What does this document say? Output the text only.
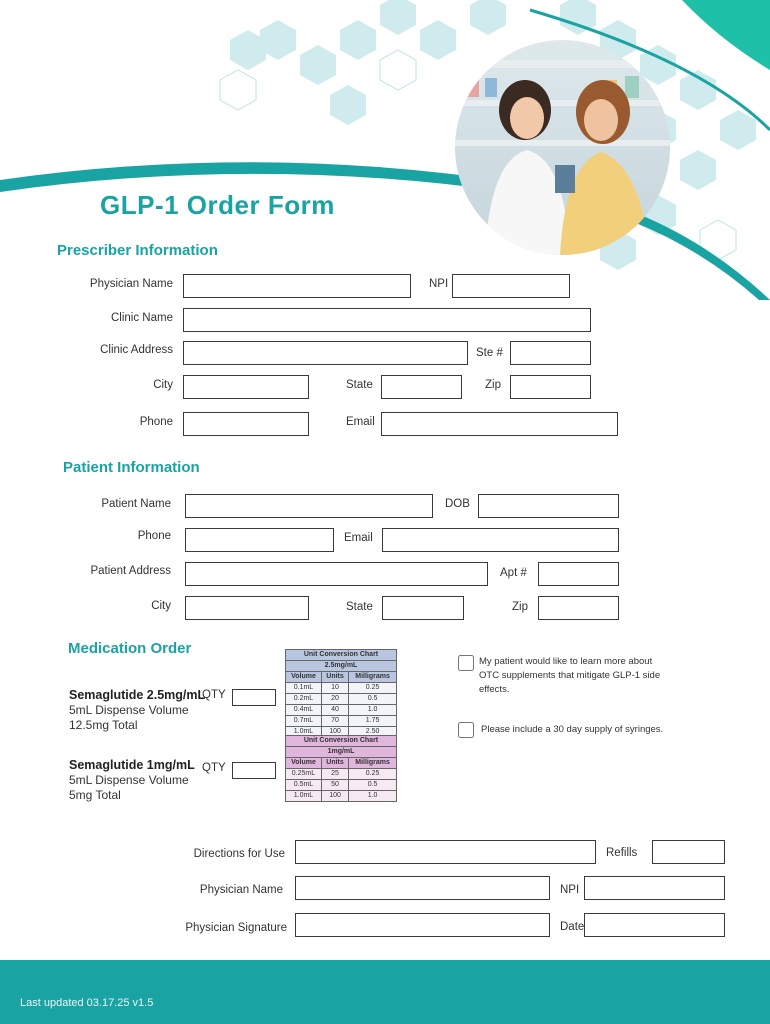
GLP-1 Order Form
Prescriber Information
Physician Name	NPI
Clinic Name
Clinic Address	Ste #
City	State	Zip
Phone	Email
Patient Information
Patient Name	DOB
Phone	Email
Patient Address	Apt #
City	State	Zip
Medication Order
Semaglutide 2.5mg/mL
5mL Dispense Volume
12.5mg Total
QTY
Semaglutide 1mg/mL
5mL Dispense Volume
5mg Total
QTY
Unit Conversion Chart		
2.5mg/mL		
Volume	Units	Milligrams
0.1mL	10	0.25
0.2mL	20	0.5
0.4mL	40	1.0
0.7mL	70	1.75
1.0mL	100	2.50
Unit Conversion Chart		
1mg/mL		
Volume	Units	Milligrams
0.25mL	25	0.25
0.5mL	50	0.5
1.0mL	100	1.0
My patient would like to learn more about OTC supplements that mitigate GLP-1 side effects.
Please include a 30 day supply of syringes.
Directions for Use	Refills
Physician Name	NPI
Physician Signature	Date
Last updated 03.17.25 v1.5
